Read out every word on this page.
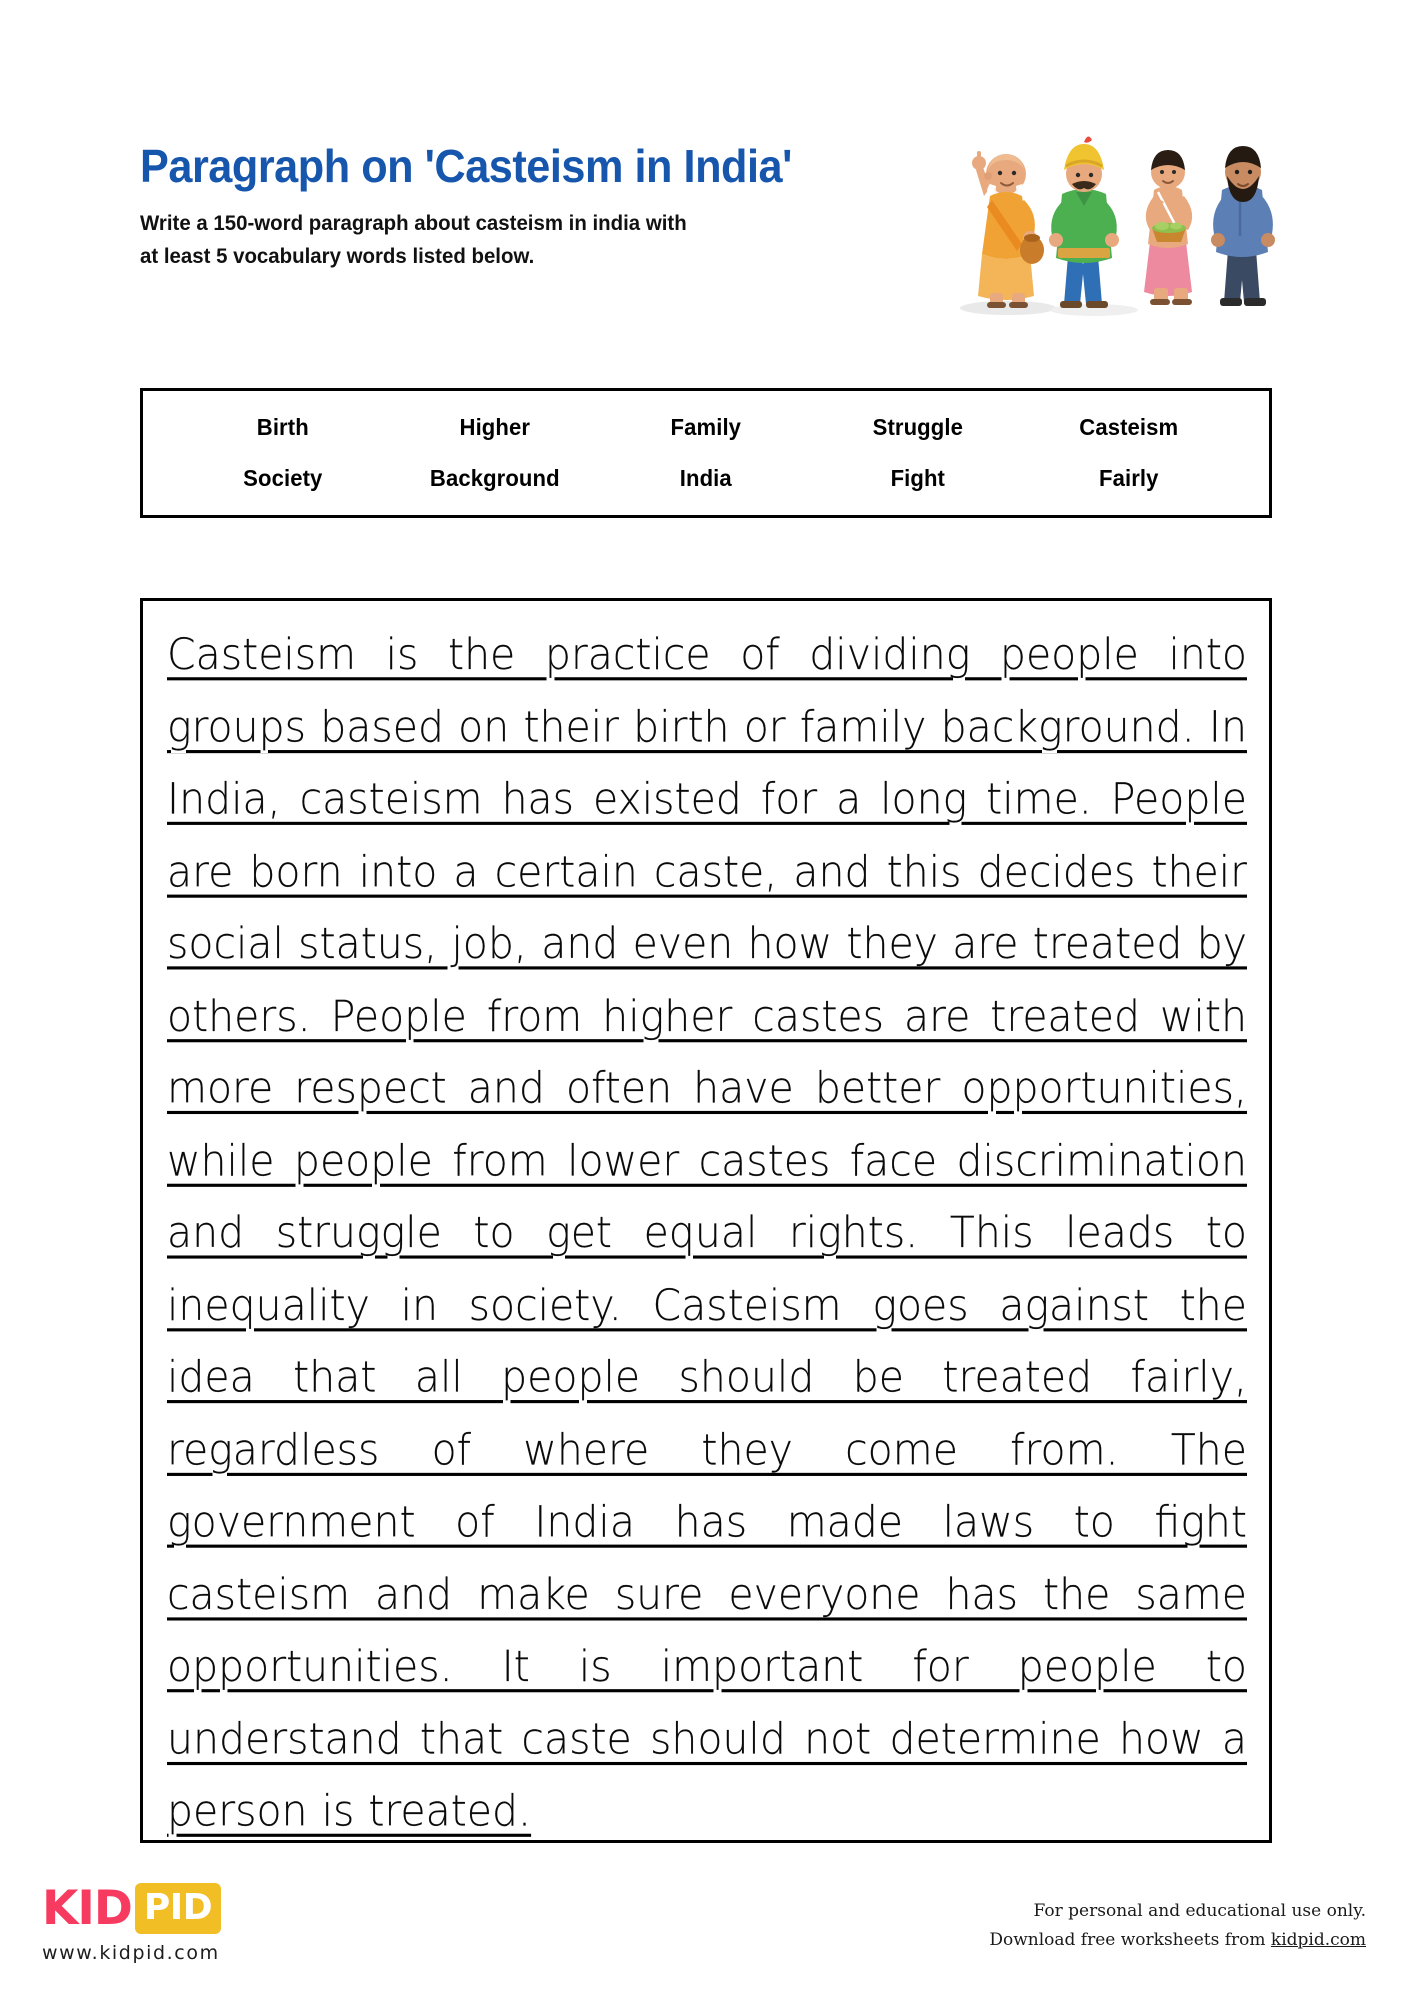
Paragraph on 'Casteism in India'
Write a 150-word paragraph about casteism in india with
at least 5 vocabulary words listed below.
Birth	Higher	Family	Struggle	Casteism
Society	Background	India	Fight	Fairly
Casteism is the practice of dividing people into groups based on their birth or family background. In India, casteism has existed for a long time. People are born into a certain caste, and this decides their social status, job, and even how they are treated by others. People from higher castes are treated with more respect and often have better opportunities, while people from lower castes face discrimination and struggle to get equal rights. This leads to inequality in society. Casteism goes against the idea that all people should be treated fairly, regardless of where they come from. The government of India has made laws to fight casteism and make sure everyone has the same opportunities. It is important for people to understand that caste should not determine how a person is treated.
KID PID
www.kidpid.com
For personal and educational use only.
Download free worksheets from kidpid.com
